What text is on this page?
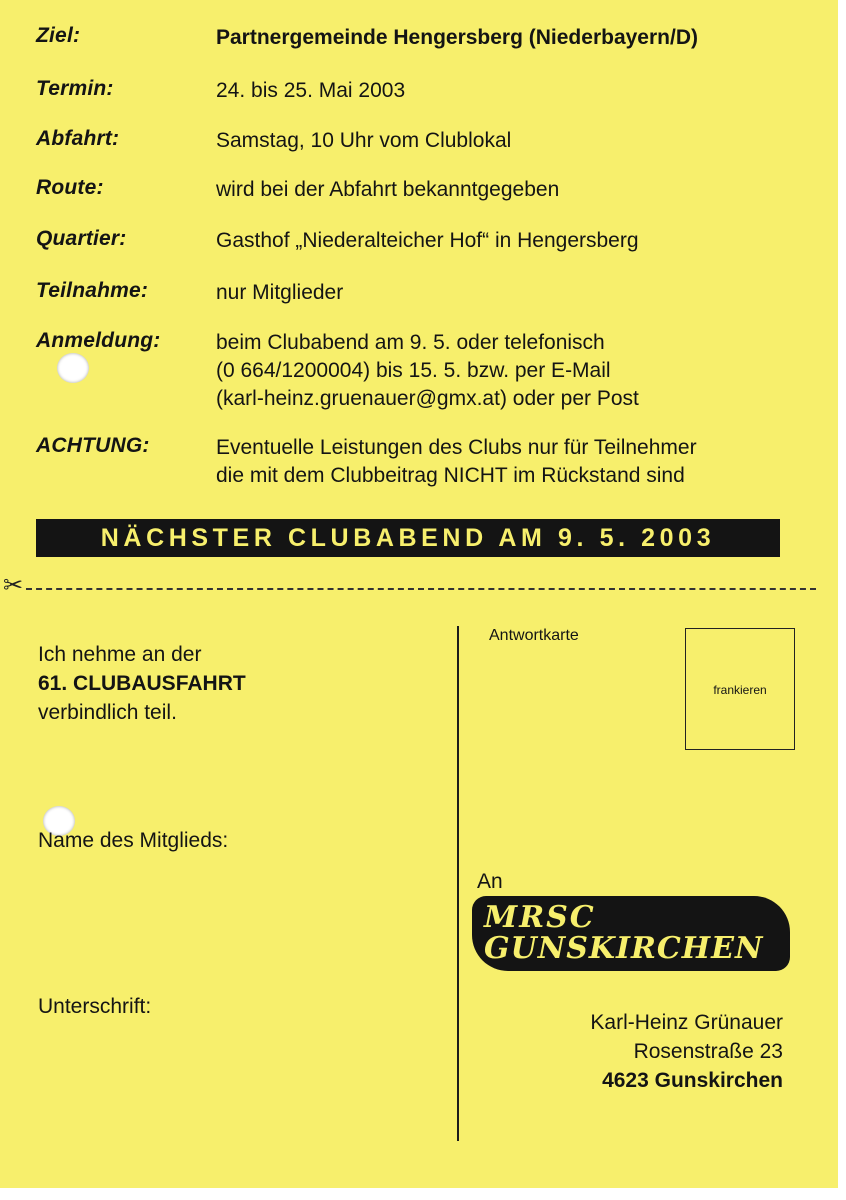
Ziel:	Partnergemeinde Hengersberg (Niederbayern/D)
Termin:	24. bis 25. Mai 2003
Abfahrt:	Samstag, 10 Uhr vom Clublokal
Route:	wird bei der Abfahrt bekanntgegeben
Quartier:	Gasthof „Niederalteicher Hof“ in Hengersberg
Teilnahme:	nur Mitglieder
Anmeldung:	beim Clubabend am 9. 5. oder telefonisch
(0 664/1200004) bis 15. 5. bzw. per E-Mail
(karl-heinz.gruenauer@gmx.at) oder per Post
ACHTUNG:	Eventuelle Leistungen des Clubs nur für Teilnehmer
die mit dem Clubbeitrag NICHT im Rückstand sind
NÄCHSTER CLUBABEND AM 9. 5. 2003
✂
Ich nehme an der
61. CLUBAUSFAHRT
verbindlich teil.
Name des Mitglieds:
Unterschrift:
Antwortkarte
frankieren
An
MRSC
GUNSKIRCHEN
Karl-Heinz Grünauer
Rosenstraße 23
4623 Gunskirchen
